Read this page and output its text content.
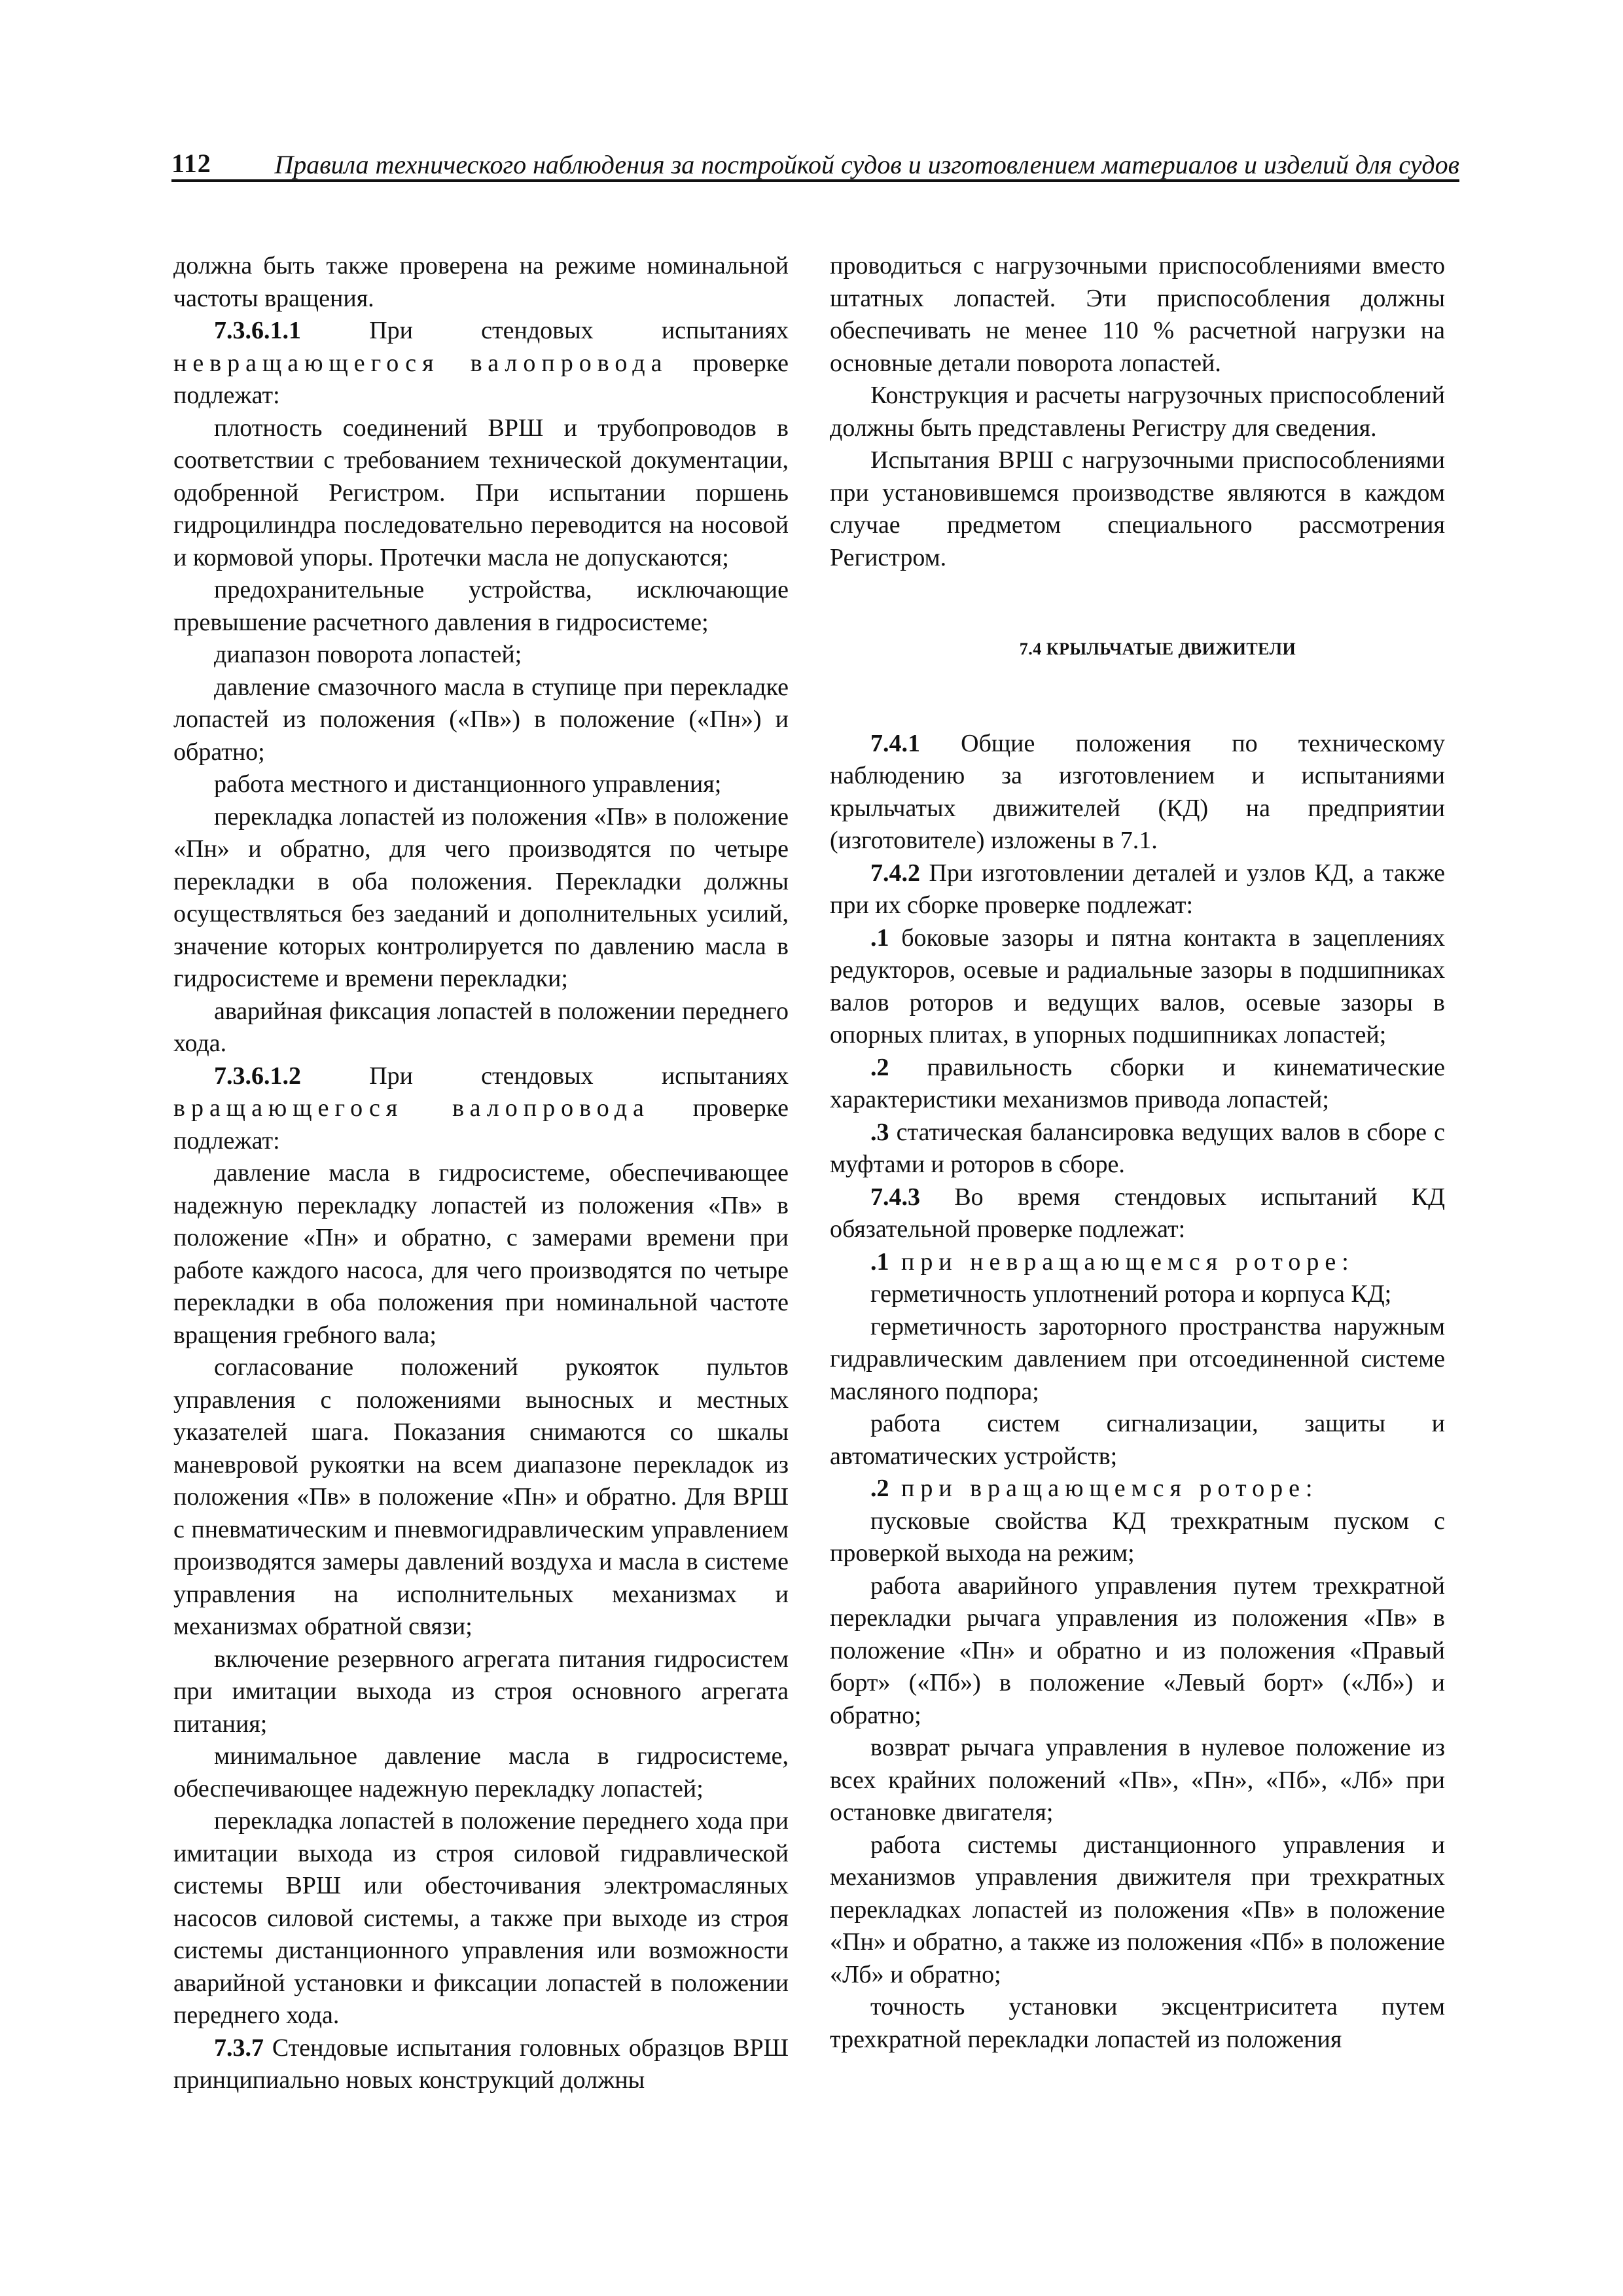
112 Правила технического наблюдения за постройкой судов и изготовлением материалов и изделий для судов

должна быть также проверена на режиме номинальной частоты вращения.

7.3.6.1.1 При стендовых испытаниях невращающегося валопровода проверке подлежат:

плотность соединений ВРШ и трубопроводов в соответствии с требованием технической документации, одобренной Регистром. При испытании поршень гидроцилиндра последовательно переводится на носовой и кормовой упоры. Протечки масла не допускаются;

предохранительные устройства, исключающие превышение расчетного давления в гидросистеме;

диапазон поворота лопастей;

давление смазочного масла в ступице при перекладке лопастей из положения («Пв») в положение («Пн») и обратно;

работа местного и дистанционного управления;

перекладка лопастей из положения «Пв» в положение «Пн» и обратно, для чего производятся по четыре перекладки в оба положения. Перекладки должны осуществляться без заеданий и дополнительных усилий, значение которых контролируется по давлению масла в гидросистеме и времени перекладки;

аварийная фиксация лопастей в положении переднего хода.

7.3.6.1.2 При стендовых испытаниях вращающегося валопровода проверке подлежат:

давление масла в гидросистеме, обеспечивающее надежную перекладку лопастей из положения «Пв» в положение «Пн» и обратно, с замерами времени при работе каждого насоса, для чего производятся по четыре перекладки в оба положения при номинальной частоте вращения гребного вала;

согласование положений рукояток пультов управления с положениями выносных и местных указателей шага. Показания снимаются со шкалы маневровой рукоятки на всем диапазоне перекладок из положения «Пв» в положение «Пн» и обратно. Для ВРШ с пневматическим и пневмогидравлическим управлением производятся замеры давлений воздуха и масла в системе управления на исполнительных механизмах и механизмах обратной связи;

включение резервного агрегата питания гидросистем при имитации выхода из строя основного агрегата питания;

минимальное давление масла в гидросистеме, обеспечивающее надежную перекладку лопастей;

перекладка лопастей в положение переднего хода при имитации выхода из строя силовой гидравлической системы ВРШ или обесточивания электромасляных насосов силовой системы, а также при выходе из строя системы дистанционного управления или возможности аварийной установки и фиксации лопастей в положении переднего хода.

7.3.7 Стендовые испытания головных образцов ВРШ принципиально новых конструкций должны

проводиться с нагрузочными приспособлениями вместо штатных лопастей. Эти приспособления должны обеспечивать не менее 110 % расчетной нагрузки на основные детали поворота лопастей.

Конструкция и расчеты нагрузочных приспособлений должны быть представлены Регистру для сведения.

Испытания ВРШ с нагрузочными приспособлениями при установившемся производстве являются в каждом случае предметом специального рассмотрения Регистром.

7.4 КРЫЛЬЧАТЫЕ ДВИЖИТЕЛИ

7.4.1 Общие положения по техническому наблюдению за изготовлением и испытаниями крыльчатых движителей (КД) на предприятии (изготовителе) изложены в 7.1.

7.4.2 При изготовлении деталей и узлов КД, а также при их сборке проверке подлежат:

.1 боковые зазоры и пятна контакта в зацеплениях редукторов, осевые и радиальные зазоры в подшипниках валов роторов и ведущих валов, осевые зазоры в опорных плитах, в упорных подшипниках лопастей;

.2 правильность сборки и кинематические характеристики механизмов привода лопастей;

.3 статическая балансировка ведущих валов в сборе с муфтами и роторов в сборе.

7.4.3 Во время стендовых испытаний КД обязательной проверке подлежат:

.1 при невращающемся роторе:

герметичность уплотнений ротора и корпуса КД;

герметичность зароторного пространства наружным гидравлическим давлением при отсоединенной системе масляного подпора;

работа систем сигнализации, защиты и автоматических устройств;

.2 при вращающемся роторе:

пусковые свойства КД трехкратным пуском с проверкой выхода на режим;

работа аварийного управления путем трехкратной перекладки рычага управления из положения «Пв» в положение «Пн» и обратно и из положения «Правый борт» («Пб») в положение «Левый борт» («Лб») и обратно;

возврат рычага управления в нулевое положение из всех крайних положений «Пв», «Пн», «Пб», «Лб» при остановке двигателя;

работа системы дистанционного управления и механизмов управления движителя при трехкратных перекладках лопастей из положения «Пв» в положение «Пн» и обратно, а также из положения «Пб» в положение «Лб» и обратно;

точность установки эксцентриситета путем трехкратной перекладки лопастей из положения
